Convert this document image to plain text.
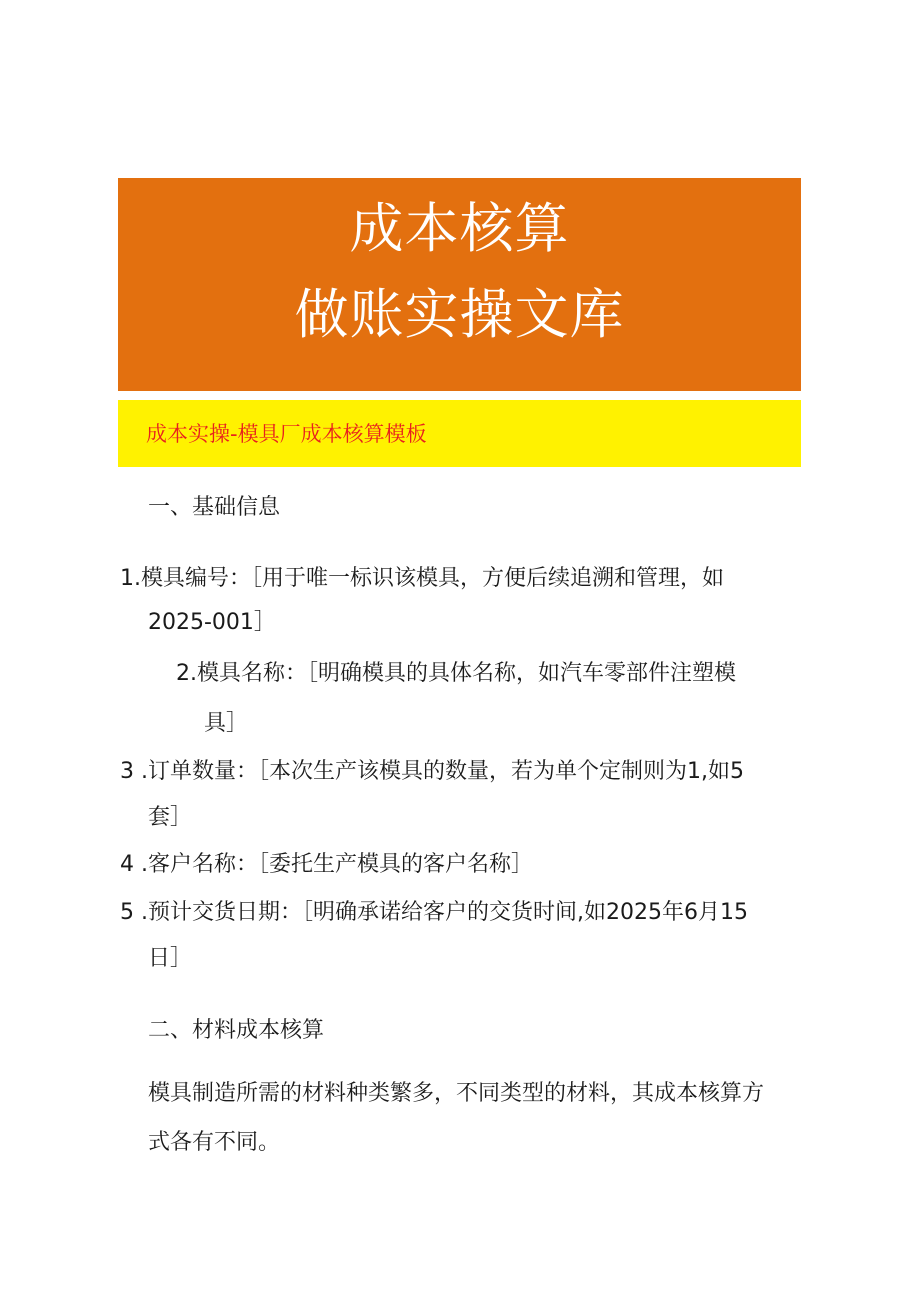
成本核算
做账实操文库
成本实操-模具厂成本核算模板
一、基础信息
1.模具编号：［用于唯一标识该模具，方便后续追溯和管理，如
2025-001］
2.模具名称：［明确模具的具体名称，如汽车零部件注塑模
具］
3 .订单数量：［本次生产该模具的数量，若为单个定制则为1,如5
套］
4 .客户名称：［委托生产模具的客户名称］
5 .预计交货日期：［明确承诺给客户的交货时间,如2025年6月15
日］
二、材料成本核算
模具制造所需的材料种类繁多，不同类型的材料，其成本核算方
式各有不同。
